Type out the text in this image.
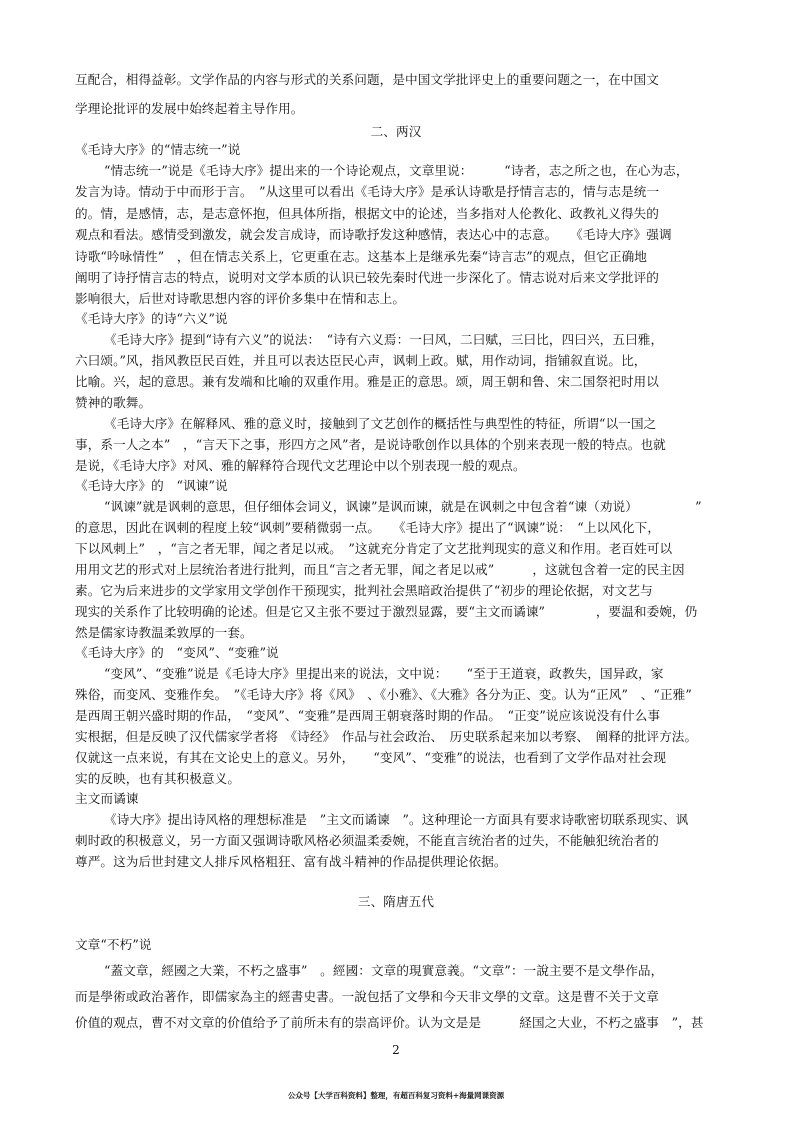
互配合，相得益彰。文学作品的内容与形式的关系问题，是中国文学批评史上的重要问题之一，在中国文
学理论批评的发展中始终起着主导作用。
二、两汉
《毛诗大序》的“情志统一”说
“情志统一”说是《毛诗大序》提出来的一个诗论观点，文章里说：　　　“诗者，志之所之也，在心为志，
发言为诗。情动于中而形于言。　”从这里可以看出《毛诗大序》是承认诗歌是抒情言志的，情与志是统一
的。情，是感情，志，是志意怀抱，但具体所指，根据文中的论述，当多指对人伦教化、政教礼义得失的
观点和看法。感情受到激发，就会发言成诗，而诗歌抒发这种感情，表达心中的志意。　　《毛诗大序》强调
诗歌“吟咏情性”　，但在情志关系上，它更重在志。这基本上是继承先秦“诗言志”的观点，但它正确地
阐明了诗抒情言志的特点，说明对文学本质的认识已较先秦时代进一步深化了。情志说对后来文学批评的
影响很大，后世对诗歌思想内容的评价多集中在情和志上。
《毛诗大序》的诗“六义”说
《毛诗大序》提到“诗有六义”的说法：　“诗有六义焉：一曰风，二曰赋，三曰比，四曰兴，五曰雅，
六曰颂。”风，指风教臣民百姓，并且可以表达臣民心声，讽刺上政。赋，用作动词，指铺叙直说。比，
比喻。兴，起的意思。兼有发端和比喻的双重作用。雅是正的意思。颂，周王朝和鲁、宋二国祭祀时用以
赞神的歌舞。
《毛诗大序》在解释风、雅的意义时，接触到了文艺创作的概括性与典型性的特征，所谓“以一国之
事，系一人之本”　，“言天下之事，形四方之风”者，是说诗歌创作以具体的个别来表现一般的特点。也就
是说，《毛诗大序》对风、雅的解释符合现代文艺理论中以个别表现一般的观点。
《毛诗大序》的　“讽谏”说
“讽谏”就是讽刺的意思，但仔细体会词义，讽谏”是讽而谏，就是在讽刺之中包含着“谏（劝说）　　　　　”
的意思，因此在讽刺的程度上较“讽刺”要稍微弱一点。　　《毛诗大序》提出了“讽谏”说：　“上以风化下，
下以风刺上”　，“言之者无罪，闻之者足以戒。　”这就充分肯定了文艺批判现实的意义和作用。老百姓可以
用用文艺的形式对上层统治者进行批判，而且“言之者无罪，闻之者足以戒”　　　，这就包含着一定的民主因
素。它为后来进步的文学家用文学创作干预现实，批判社会黑暗政治提供了“初步的理论依据，对文艺与
现实的关系作了比较明确的论述。但是它又主张不要过于激烈显露，要“主文而谲谏”　　　　，要温和委婉，仍
然是儒家诗教温柔敦厚的一套。
《毛诗大序》的　“变风”、“变雅”说
“变风”、“变雅”说是《毛诗大序》里提出来的说法，文中说：　　“至于王道衰，政教失，国异政，家
殊俗，而变风、变雅作矣。　”《毛诗大序》将《风》　、《小雅》、《大雅》各分为正、变。认为“正风”　、“正雅”
是西周王朝兴盛时期的作品，　“变风”、“变雅”是西周王朝衰落时期的作品。　“正变”说应该说没有什么事
实根据，但是反映了汉代儒家学者将　《诗经》　作品与社会政治、　历史联系起来加以考察、　阐释的批评方法。
仅就这一点来说，有其在文论史上的意义。另外，　　“变风”、“变雅”的说法，也看到了文学作品对社会现
实的反映，也有其积极意义。
主文而谲谏
《诗大序》提出诗风格的理想标准是　”主文而谲谏　”。这种理论一方面具有要求诗歌密切联系现实、讽
刺时政的积极意义，另一方面又强调诗歌风格必须温柔委婉，不能直言统治者的过失，不能触犯统治者的
尊严。这为后世封建文人排斥风格粗狂、富有战斗精神的作品提供理论依据。
三、隋唐五代
文章“不朽”说
“蓋文章，經國之大業，不朽之盛事”　。經國：文章的現實意義。“文章”：一說主要不是文學作品，
而是學術或政治著作，即儒家為主的經書史書。一說包括了文學和今天非文學的文章。这是曹不关于文章
价值的观点，曹不对文章的价值给予了前所未有的崇高评价。认为文是是　　　経国之大业，不朽之盛事　”，甚
2
公众号【大学百科资料】整理，有超百科复习资料+海量网课资源
